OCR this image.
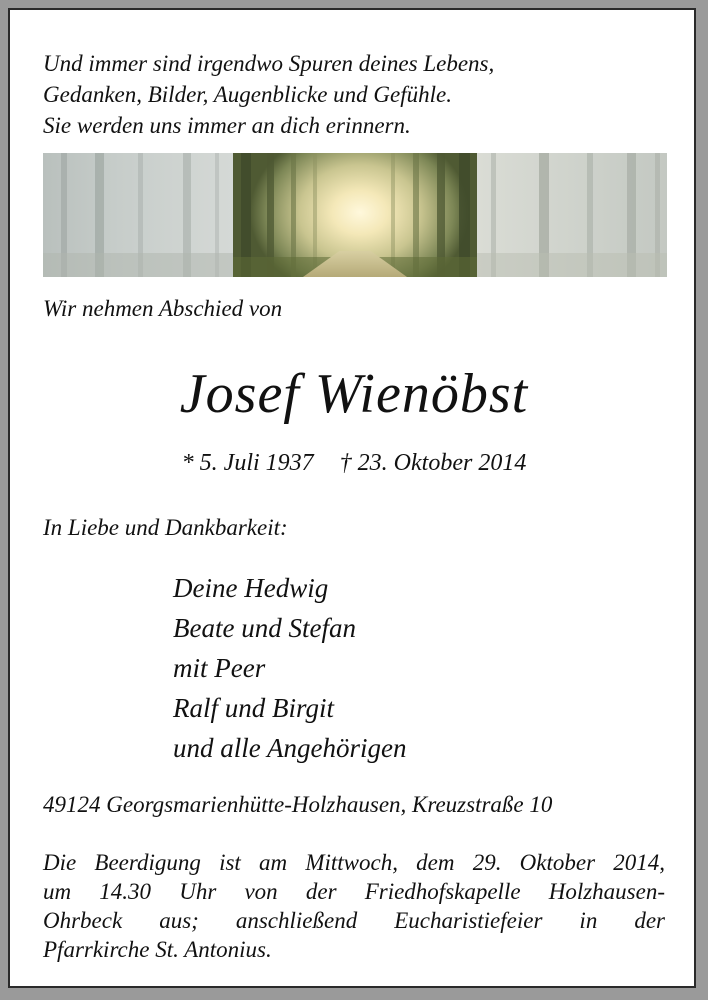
Und immer sind irgendwo Spuren deines Lebens,
Gedanken, Bilder, Augenblicke und Gefühle.
Sie werden uns immer an dich erinnern.
Wir nehmen Abschied von
Josef Wienöbst
* 5. Juli 1937 † 23. Oktober 2014
In Liebe und Dankbarkeit:
Deine Hedwig
Beate und Stefan
mit Peer
Ralf und Birgit
und alle Angehörigen
49124 Georgsmarienhütte-Holzhausen, Kreuzstraße 10
Die Beerdigung ist am Mittwoch, dem 29. Oktober 2014,
um 14.30 Uhr von der Friedhofskapelle Holzhausen-
Ohrbeck aus; anschließend Eucharistiefeier in der
Pfarrkirche St. Antonius.
